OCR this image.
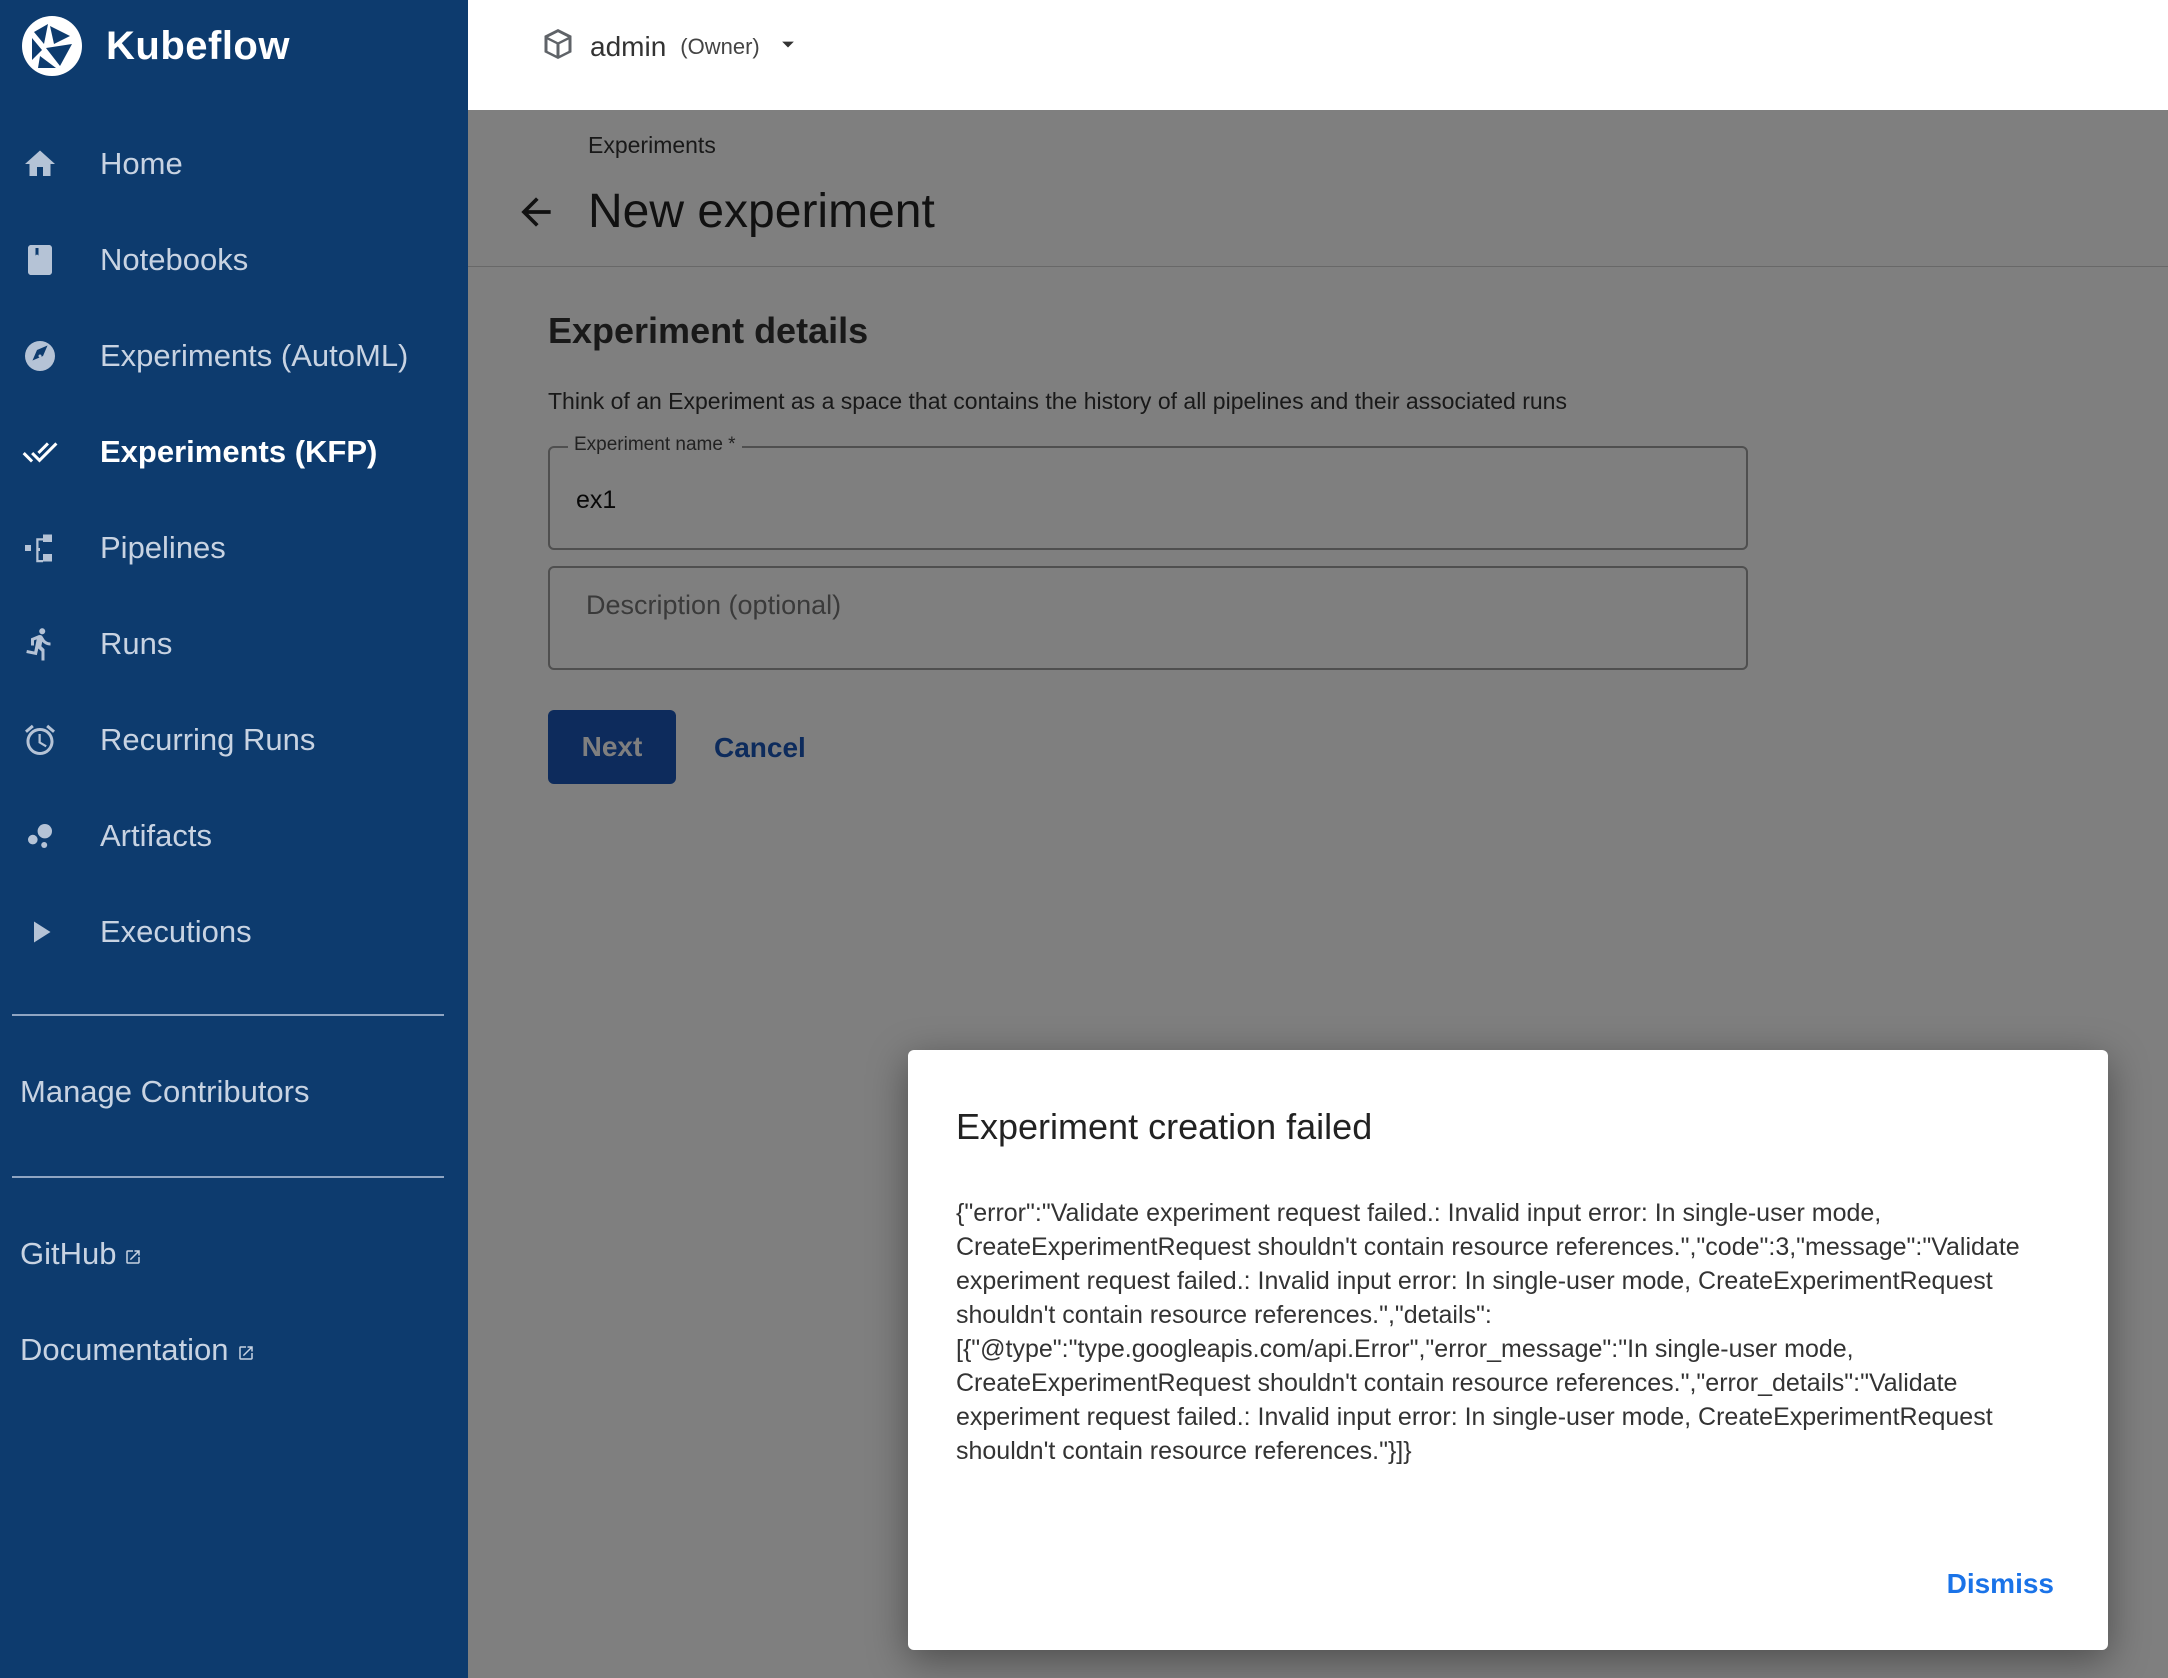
Kubeflow
Home
Notebooks
Experiments (AutoML)
Experiments (KFP)
Pipelines
Runs
Recurring Runs
Artifacts
Executions
Manage Contributors
GitHub
Documentation
admin (Owner)
Experiment creation failed
{"error":"Validate experiment request failed.: Invalid input error: In single-user mode, CreateExperimentRequest shouldn't contain resource references.","code":3,"message":"Validate experiment request failed.: Invalid input error: In single-user mode, CreateExperimentRequest shouldn't contain resource references.","details":[{"@type":"type.googleapis.com/api.Error","error_message":"In single-user mode, CreateExperimentRequest shouldn't contain resource references.","error_details":"Validate experiment request failed.: Invalid input error: In single-user mode, CreateExperimentRequest shouldn't contain resource references."}]}
Dismiss
